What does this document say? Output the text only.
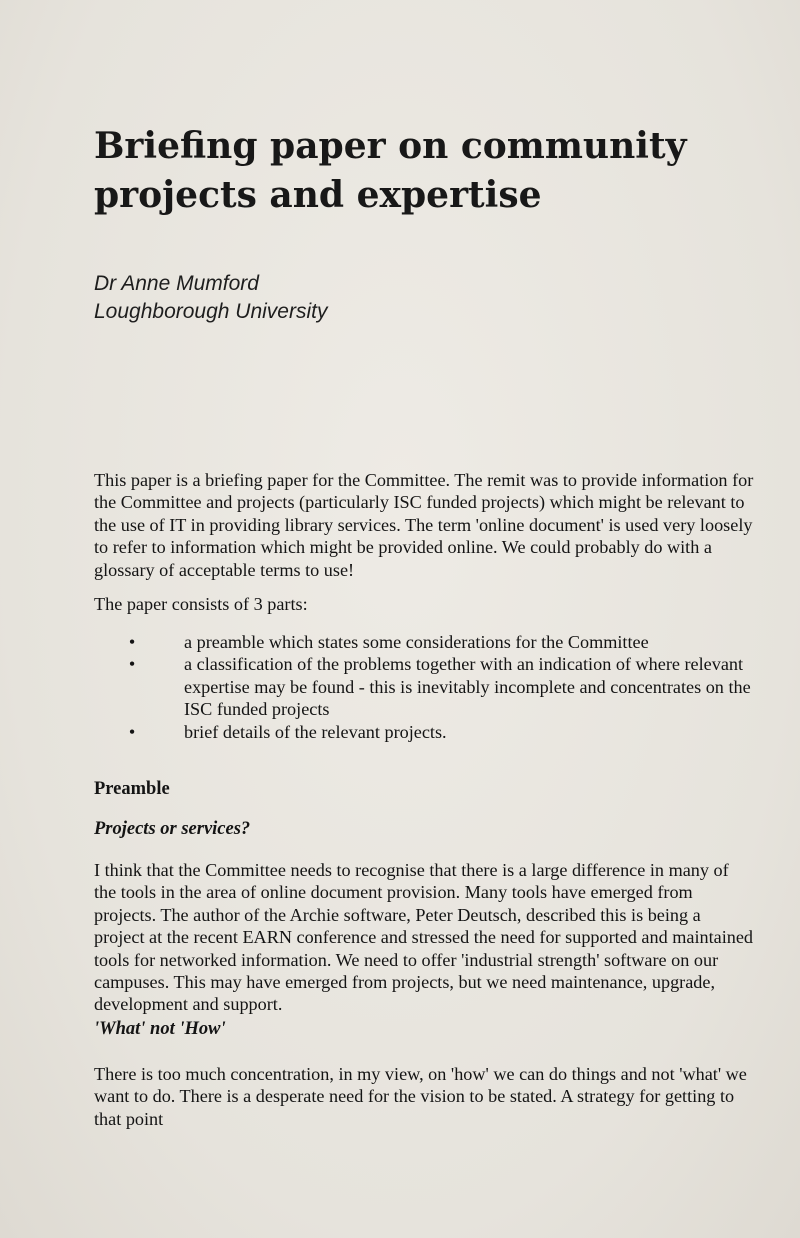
Briefing paper on community projects and expertise
Dr Anne Mumford
Loughborough University

This paper is a briefing paper for the Committee. The remit was to provide information for the Committee and projects (particularly ISC funded projects) which might be relevant to the use of IT in providing library services. The term 'online document' is used very loosely to refer to information which might be provided online. We could probably do with a glossary of acceptable terms to use!

The paper consists of 3 parts:

•	a preamble which states some considerations for the Committee
•	a classification of the problems together with an indication of where relevant expertise may be found - this is inevitably incomplete and concentrates on the ISC funded projects
•	brief details of the relevant projects.
Preamble
Projects or services?

I think that the Committee needs to recognise that there is a large difference in many of the tools in the area of online document provision. Many tools have emerged from projects. The author of the Archie software, Peter Deutsch, described this is being a project at the recent EARN conference and stressed the need for supported and maintained tools for networked information. We need to offer 'industrial strength' software on our campuses. This may have emerged from projects, but we need maintenance, upgrade, development and support.

'What' not 'How'

There is too much concentration, in my view, on 'how' we can do things and not 'what' we want to do. There is a desperate need for the vision to be stated. A strategy for getting to that point
